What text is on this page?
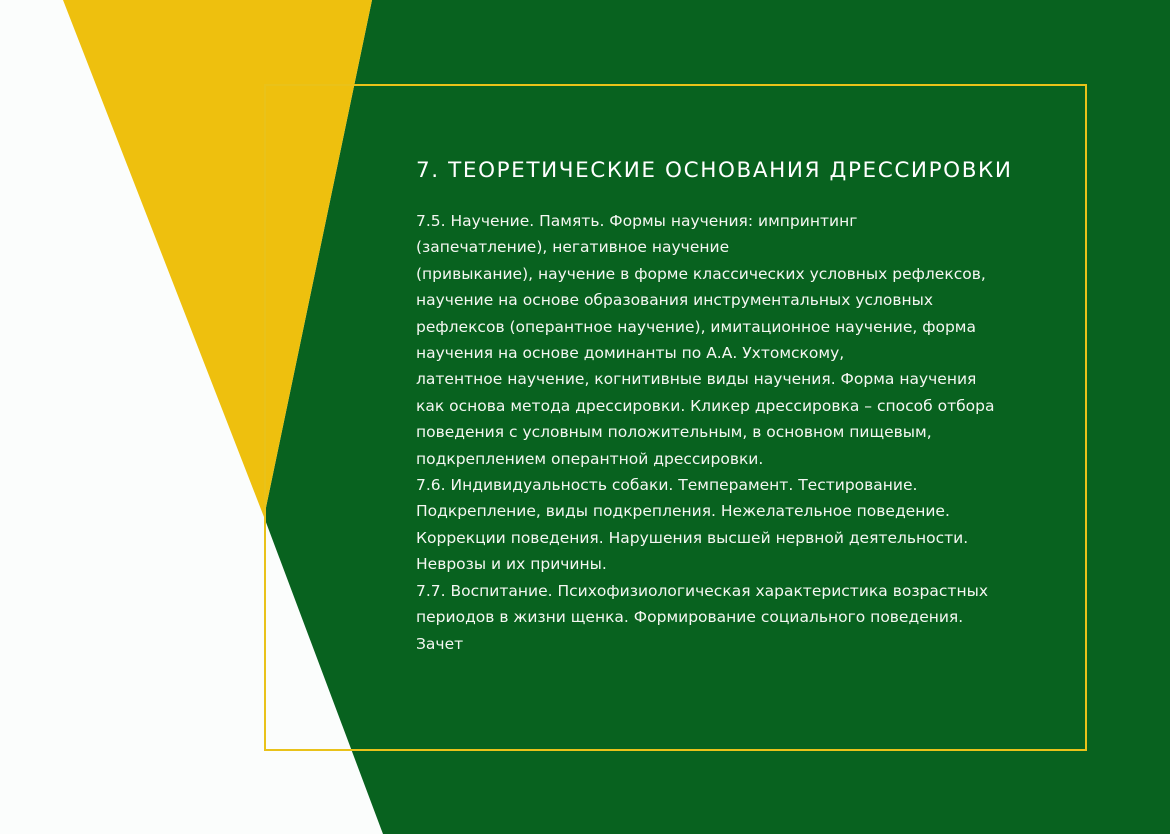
7. ТЕОРЕТИЧЕСКИЕ ОСНОВАНИЯ ДРЕССИРОВКИ
7.5. Научение. Память. Формы научения: импринтинг
(запечатление), негативное научение
(привыкание), научение в форме классических условных рефлексов,
научение на основе образования инструментальных условных
рефлексов (оперантное научение), имитационное научение, форма
научения на основе доминанты по А.А. Ухтомскому,
латентное научение, когнитивные виды научения. Форма научения
как основа метода дрессировки. Кликер дрессировка – способ отбора
поведения с условным положительным, в основном пищевым,
подкреплением оперантной дрессировки.
7.6. Индивидуальность собаки. Темперамент. Тестирование.
Подкрепление, виды подкрепления. Нежелательное поведение.
Коррекции поведения. Нарушения высшей нервной деятельности.
Неврозы и их причины.
7.7. Воспитание. Психофизиологическая характеристика возрастных
периодов в жизни щенка. Формирование социального поведения.
Зачет
